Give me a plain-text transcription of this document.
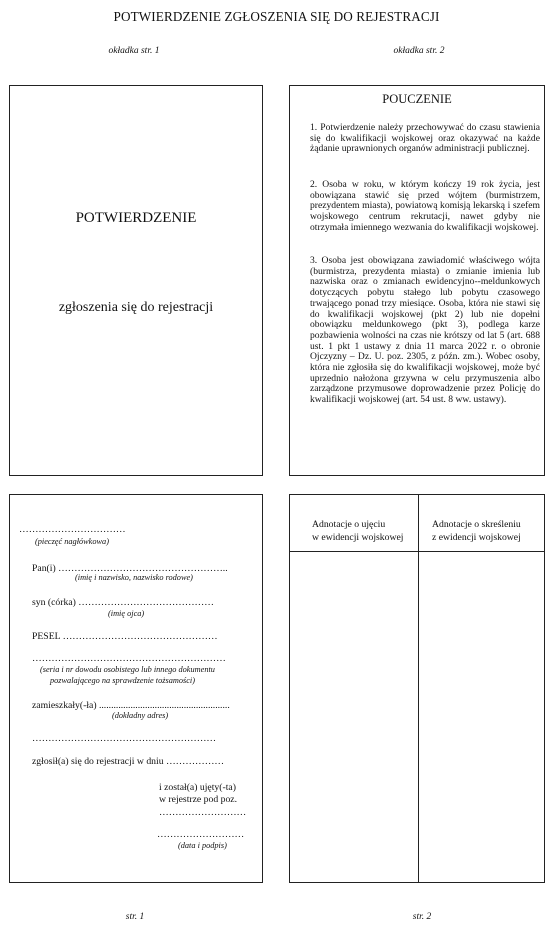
POTWIERDZENIE ZGŁOSZENIA SIĘ DO REJESTRACJI
okładka str. 1	okładka str. 2
POTWIERDZENIE
zgłoszenia się do rejestracji
POUCZENIE
1. Potwierdzenie należy przechowywać do czasu stawienia się do kwalifikacji wojskowej oraz okazywać na każde żądanie uprawnionych organów administracji publicznej.
2. Osoba w roku, w którym kończy 19 rok życia, jest obowiązana stawić się przed wójtem (burmistrzem, prezydentem miasta), powiatową komisją lekarską i szefem wojskowego centrum rekrutacji, nawet gdyby nie otrzymała imiennego wezwania do kwalifikacji wojskowej.
3. Osoba jest obowiązana zawiadomić właściwego wójta (burmistrza, prezydenta miasta) o zmianie imienia lub nazwiska oraz o zmianach ewidencyjno--meldunkowych dotyczących pobytu stałego lub pobytu czasowego trwającego ponad trzy miesiące. Osoba, która nie stawi się do kwalifikacji wojskowej (pkt 2) lub nie dopełni obowiązku meldunkowego (pkt 3), podlega karze pozbawienia wolności na czas nie krótszy od lat 5 (art. 688 ust. 1 pkt 1 ustawy z dnia 11 marca 2022 r. o obronie Ojczyzny – Dz. U. poz. 2305, z późn. zm.). Wobec osoby, która nie zgłosiła się do kwalifikacji wojskowej, może być uprzednio nałożona grzywna w celu przymuszenia albo zarządzone przymusowe doprowadzenie przez Policję do kwalifikacji wojskowej (art. 54 ust. 8 ww. ustawy).
……………………………
(pieczęć nagłówkowa)
Pan(i) ……………………………………………..
(imię i nazwisko, nazwisko rodowe)
syn (córka) ……………………………………
(imię ojca)
PESEL …………………………………………
……………………………………………………
(seria i nr dowodu osobistego lub innego dokumentu
pozwalającego na sprawdzenie tożsamości)
zamieszkały(-ła) ......................................................
(dokładny adres)
…………………………………………………
zgłosił(a) się do rejestracji w dniu ………………
i został(a) ujęty(-ta)
w rejestrze pod poz.
………………………
………………………
(data i podpis)
Adnotacje o ujęciu
w ewidencji wojskowej
Adnotacje o skreśleniu
z ewidencji wojskowej
str. 1	str. 2
